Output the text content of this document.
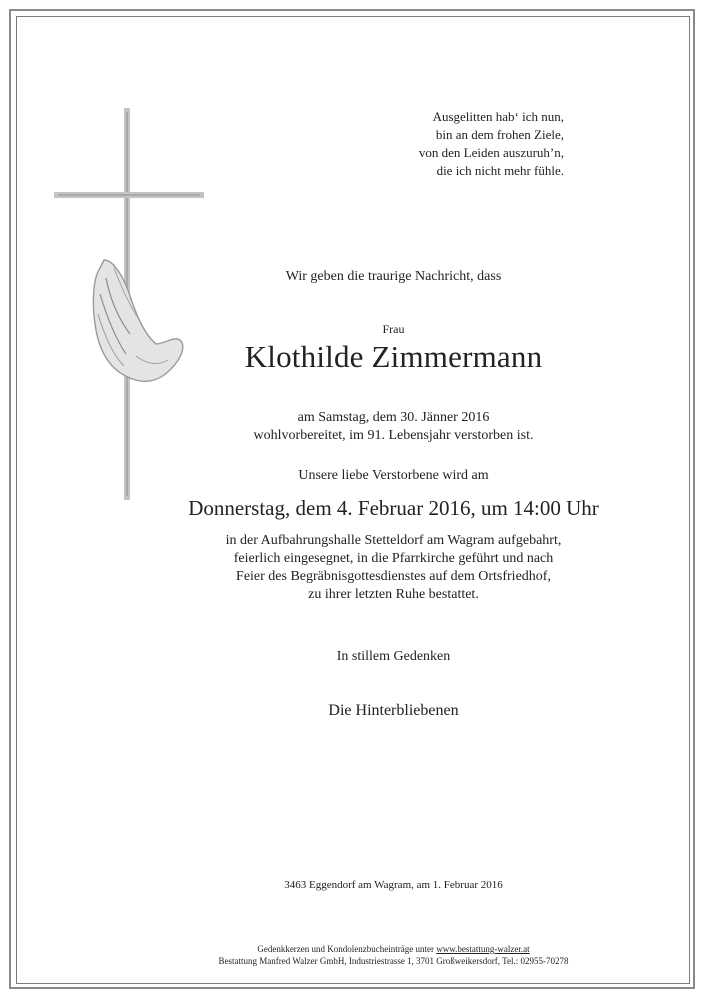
Ausgelitten hab‘ ich nun,
bin an dem frohen Ziele,
von den Leiden auszuruh’n,
die ich nicht mehr fühle.
Wir geben die traurige Nachricht, dass
Frau
Klothilde Zimmermann
am Samstag, dem 30. Jänner 2016
wohlvorbereitet, im 91. Lebensjahr verstorben ist.
Unsere liebe Verstorbene wird am
Donnerstag, dem 4. Februar 2016, um 14:00 Uhr
in der Aufbahrungshalle Stetteldorf am Wagram aufgebahrt,
feierlich eingesegnet, in die Pfarrkirche geführt und nach
Feier des Begräbnisgottesdienstes auf dem Ortsfriedhof,
zu ihrer letzten Ruhe bestattet.
In stillem Gedenken
Die Hinterbliebenen
3463 Eggendorf am Wagram, am 1. Februar 2016
Gedenkkerzen und Kondolenzbucheinträge unter www.bestattung-walzer.at
Bestattung Manfred Walzer GmbH, Industriestrasse 1, 3701 Großweikersdorf, Tel.: 02955-70278
